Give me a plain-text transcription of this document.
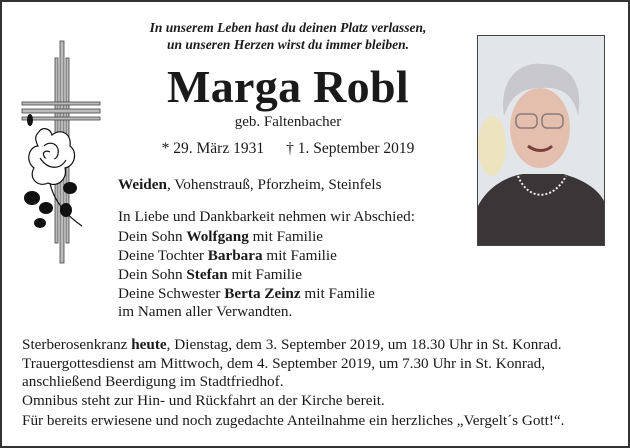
In unserem Leben hast du deinen Platz verlassen,
un unseren Herzen wirst du immer bleiben.
Marga Robl
geb. Faltenbacher
* 29. März 1931 † 1. September 2019
Weiden, Vohenstrauß, Pforzheim, Steinfels
In Liebe und Dankbarkeit nehmen wir Abschied:
Dein Sohn Wolfgang mit Familie
Deine Tochter Barbara mit Familie
Dein Sohn Stefan mit Familie
Deine Schwester Berta Zeinz mit Familie
im Namen aller Verwandten.
Sterberosenkranz heute, Dienstag, dem 3. September 2019, um 18.30 Uhr in St. Konrad.
Trauergottesdienst am Mittwoch, dem 4. September 2019, um 7.30 Uhr in St. Konrad,
anschließend Beerdigung im Stadtfriedhof.
Omnibus steht zur Hin- und Rückfahrt an der Kirche bereit.
Für bereits erwiesene und noch zugedachte Anteilnahme ein herzliches „Vergelt´s Gott!“.
